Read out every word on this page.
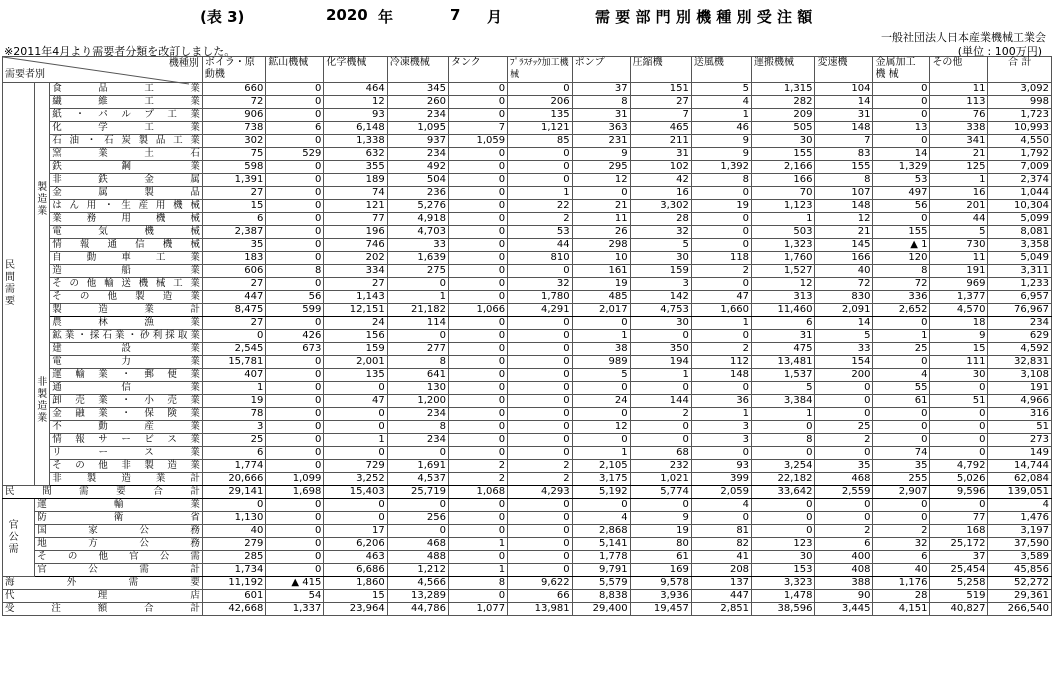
(表 3)	2020 年	7 月	需 要 部 門 別 機 種 別 受 注 額
一般社団法人日本産業機械工業会
※2011年4月より需要者分類を改訂しました。	(単位 : 100万円)
機種別
需要者別			ボイラ・原動機	鉱山機械	化学機械	冷凍機械	タンク	ﾌﾟﾗｽﾁｯｸ加工機械	ポンプ	圧縮機	送風機	運搬機械	変速機	金属加工 機 械	その他	合 計
民 間 需 要	製 造 業	食品工業	660	0	464	345	0	0	37	151	5	1,315	104	0	11	3,092
		繊維工業	72	0	12	260	0	206	8	27	4	282	14	0	113	998
		紙・パルプ工業	906	0	93	234	0	135	31	7	1	209	31	0	76	1,723
		化学工業	738	6	6,148	1,095	7	1,121	363	465	46	505	148	13	338	10,993
		石油・石炭製品工業	302	0	1,338	937	1,059	85	231	211	9	30	7	0	341	4,550
		窯業土石	75	529	632	234	0	0	9	31	9	155	83	14	21	1,792
		鉄鋼業	598	0	355	492	0	0	295	102	1,392	2,166	155	1,329	125	7,009
		非鉄金属	1,391	0	189	504	0	0	12	42	8	166	8	53	1	2,374
		金属製品	27	0	74	236	0	1	0	16	0	70	107	497	16	1,044
		はん用・生産用機械	15	0	121	5,276	0	22	21	3,302	19	1,123	148	56	201	10,304
		業務用機械	6	0	77	4,918	0	2	11	28	0	1	12	0	44	5,099
		電気機械	2,387	0	196	4,703	0	53	26	32	0	503	21	155	5	8,081
		情報通信機械	35	0	746	33	0	44	298	5	0	1,323	145	▲ 1	730	3,358
		自動車工業	183	0	202	1,639	0	810	10	30	118	1,760	166	120	11	5,049
		造船業	606	8	334	275	0	0	161	159	2	1,527	40	8	191	3,311
		その他輸送機械工業	27	0	27	0	0	32	19	3	0	12	72	72	969	1,233
		その他製造業	447	56	1,143	1	0	1,780	485	142	47	313	830	336	1,377	6,957
		製造業計	8,475	599	12,151	21,182	1,066	4,291	2,017	4,753	1,660	11,460	2,091	2,652	4,570	76,967
	非 製 造 業	農林漁業	27	0	24	114	0	0	0	30	1	6	14	0	18	234
		鉱業・採石業・砂利採取業	0	426	156	0	0	0	1	0	0	31	5	1	9	629
		建設業	2,545	673	159	277	0	0	38	350	2	475	33	25	15	4,592
		電力業	15,781	0	2,001	8	0	0	989	194	112	13,481	154	0	111	32,831
		運輸業・郵便業	407	0	135	641	0	0	5	1	148	1,537	200	4	30	3,108
		通信業	1	0	0	130	0	0	0	0	0	5	0	55	0	191
		卸売業・小売業	19	0	47	1,200	0	0	24	144	36	3,384	0	61	51	4,966
		金融業・保険業	78	0	0	234	0	0	0	2	1	1	0	0	0	316
		不動産業	3	0	0	8	0	0	12	0	3	0	25	0	0	51
		情報サービス業	25	0	1	234	0	0	0	0	3	8	2	0	0	273
		リース業	6	0	0	0	0	0	1	68	0	0	0	74	0	149
		その他非製造業	1,774	0	729	1,691	2	2	2,105	232	93	3,254	35	35	4,792	14,744
		非製造業計	20,666	1,099	3,252	4,537	2	2	3,175	1,021	399	22,182	468	255	5,026	62,084
民間需要合計			29,141	1,698	15,403	25,719	1,068	4,293	5,192	5,774	2,059	33,642	2,559	2,907	9,596	139,051
官 公 需	運輸業		0	0	0	0	0	0	0	0	4	0	0	0	0	4
	防衛省		1,130	0	0	256	0	0	4	9	0	0	0	0	77	1,476
	国家公務		40	0	17	0	0	0	2,868	19	81	0	2	2	168	3,197
	地方公務		279	0	6,206	468	1	0	5,141	80	82	123	6	32	25,172	37,590
	その他官公需		285	0	463	488	0	0	1,778	61	41	30	400	6	37	3,589
	官公需計		1,734	0	6,686	1,212	1	0	9,791	169	208	153	408	40	25,454	45,856
海外需要			11,192	▲ 415	1,860	4,566	8	9,622	5,579	9,578	137	3,323	388	1,176	5,258	52,272
代理店			601	54	15	13,289	0	66	8,838	3,936	447	1,478	90	28	519	29,361
受注額合計			42,668	1,337	23,964	44,786	1,077	13,981	29,400	19,457	2,851	38,596	3,445	4,151	40,827	266,540
